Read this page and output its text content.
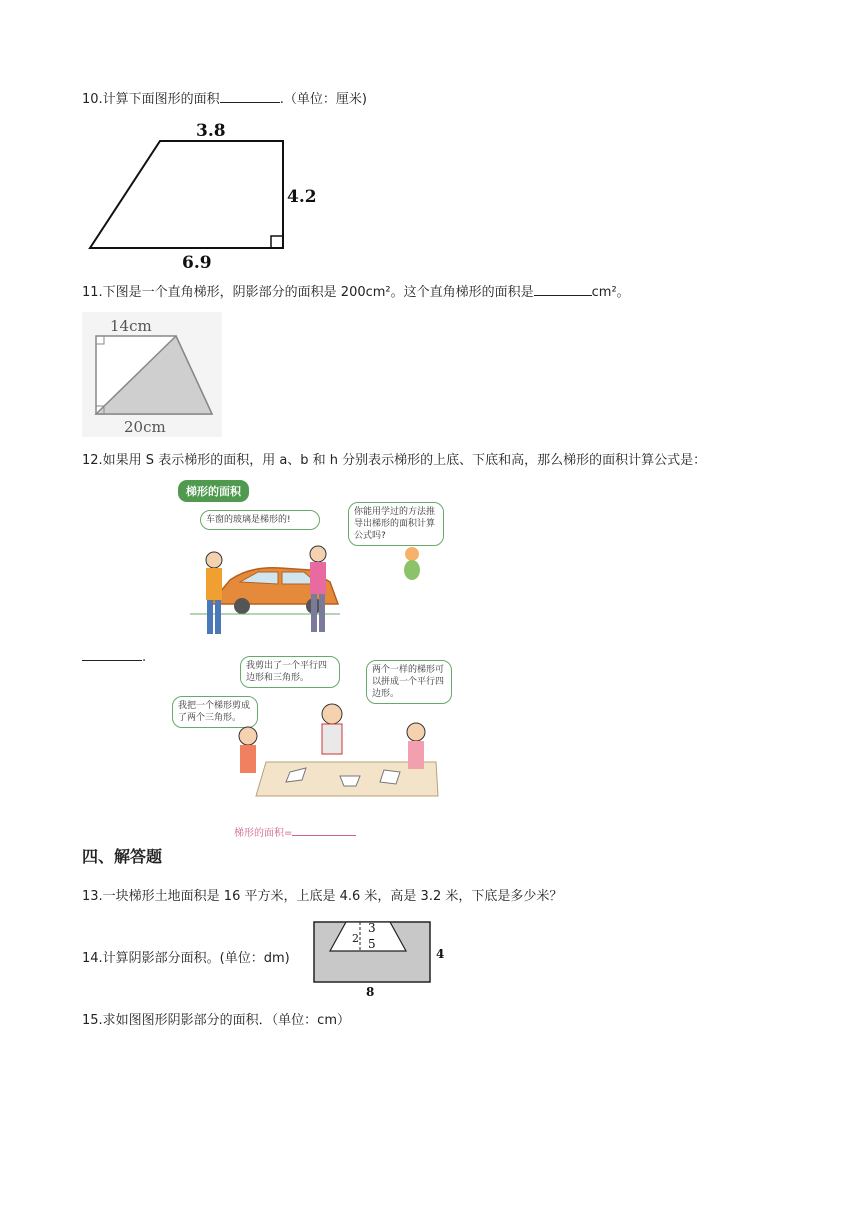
10.计算下面图形的面积	.（单位：厘米)
3.8
4.2
6.9
11.下图是一个直角梯形，阴影部分的面积是 200cm²。这个直角梯形的面积是	cm²。
14cm
20cm
12.如果用 S 表示梯形的面积，用 a、b 和 h 分别表示梯形的上底、下底和高，那么梯形的面积计算公式是：
梯形的面积
车窗的玻璃是梯形的!
你能用学过的方法推导出梯形的面积计算公式吗?
.
我剪出了一个平行四边形和三角形。
两个一样的梯形可以拼成一个平行四边形。
我把一个梯形剪成了两个三角形。
梯形的面积=
四、解答题
13.一块梯形土地面积是 16 平方米，上底是 4.6 米，高是 3.2 米，下底是多少米？
14.计算阴影部分面积。(单位：dm)
3
5
2
4
8
15.求如图图形阴影部分的面积．（单位：cm）
